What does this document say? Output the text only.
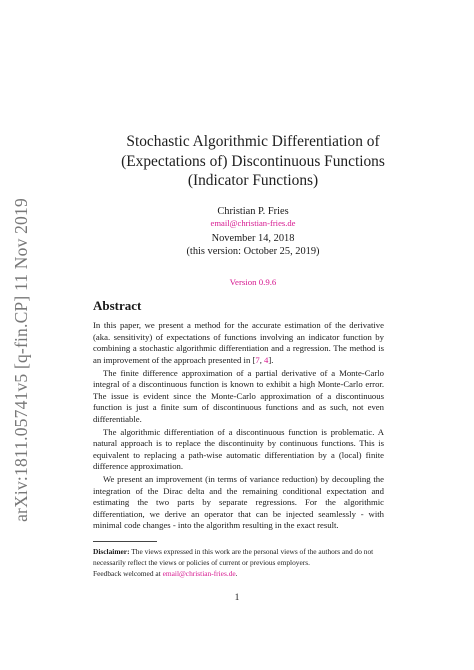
arXiv:1811.05741v5 [q-fin.CP] 11 Nov 2019
Stochastic Algorithmic Differentiation of
(Expectations of) Discontinuous Functions
(Indicator Functions)
Christian P. Fries
email@christian-fries.de
November 14, 2018
(this version: October 25, 2019)
Version 0.9.6
Abstract

In this paper, we present a method for the accurate estimation of the derivative (aka. sensitivity) of expectations of functions involving an indicator function by combining a stochastic algorithmic differentiation and a regression. The method is an improvement of the approach presented in [7, 4].

The finite difference approximation of a partial derivative of a Monte-Carlo integral of a discontinuous function is known to exhibit a high Monte-Carlo error. The issue is evident since the Monte-Carlo approximation of a discontinuous function is just a finite sum of discontinuous functions and as such, not even differentiable.

The algorithmic differentiation of a discontinuous function is problematic. A natural approach is to replace the discontinuity by continuous functions. This is equivalent to replacing a path-wise automatic differentiation by a (local) finite difference approximation.

We present an improvement (in terms of variance reduction) by decoupling the integration of the Dirac delta and the remaining conditional expectation and estimating the two parts by separate regressions. For the algorithmic differentiation, we derive an operator that can be injected seamlessly - with minimal code changes - into the algorithm resulting in the exact result.

Disclaimer: The views expressed in this work are the personal views of the authors and do not necessarily reflect the views or policies of current or previous employers.
Feedback welcomed at email@christian-fries.de.
1
